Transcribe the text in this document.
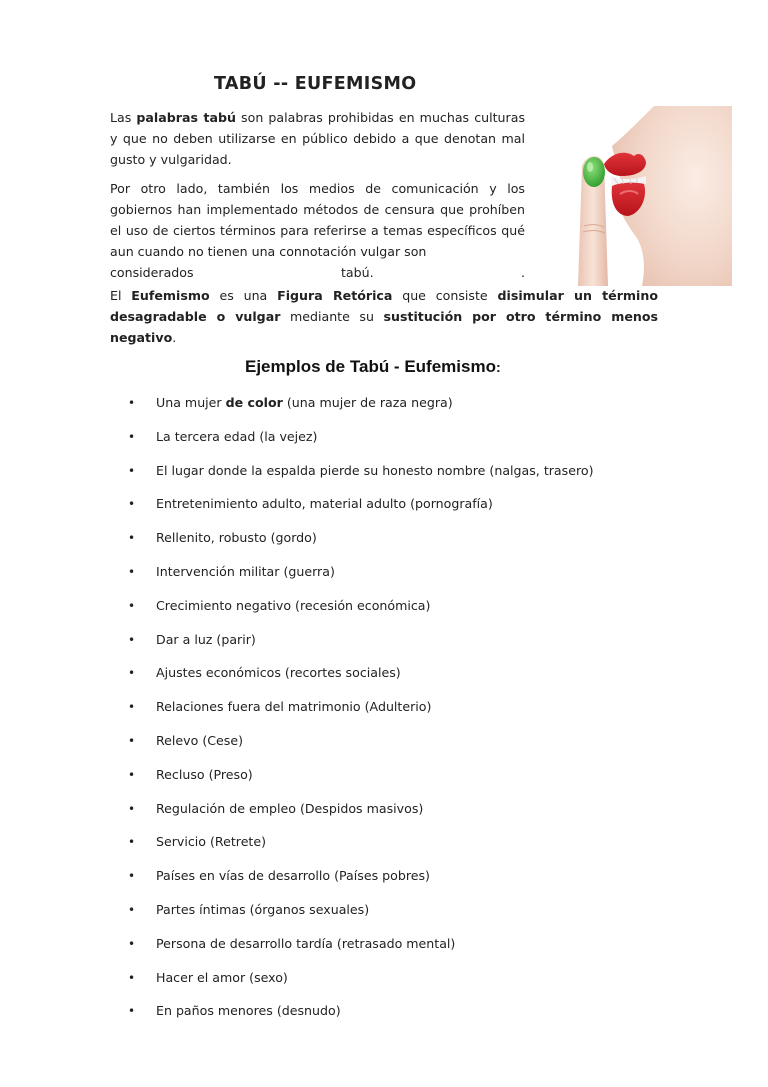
TABÚ -- EUFEMISMO

Las palabras tabú son palabras prohibidas en muchas culturas y que no deben utilizarse en público debido a que denotan mal gusto y vulgaridad.

Por otro lado, también los medios de comunicación y los gobiernos han implementado métodos de censura que prohíben el uso de ciertos términos para referirse a temas específicos qué aun cuando no tienen una connotación vulgar son
considerados tabú.	.

El Eufemismo es una Figura Retórica que consiste disimular un término desagradable o vulgar mediante su sustitución por otro término menos negativo.

Ejemplos de Tabú - Eufemismo:
• Una mujer de color (una mujer de raza negra)
• La tercera edad (la vejez)
• El lugar donde la espalda pierde su honesto nombre (nalgas, trasero)
• Entretenimiento adulto, material adulto (pornografía)
• Rellenito, robusto (gordo)
• Intervención militar (guerra)
• Crecimiento negativo (recesión económica)
• Dar a luz (parir)
• Ajustes económicos (recortes sociales)
• Relaciones fuera del matrimonio (Adulterio)
• Relevo (Cese)
• Recluso (Preso)
• Regulación de empleo (Despidos masivos)
• Servicio (Retrete)
• Países en vías de desarrollo (Países pobres)
• Partes íntimas (órganos sexuales)
• Persona de desarrollo tardía (retrasado mental)
• Hacer el amor (sexo)
• En paños menores (desnudo)
